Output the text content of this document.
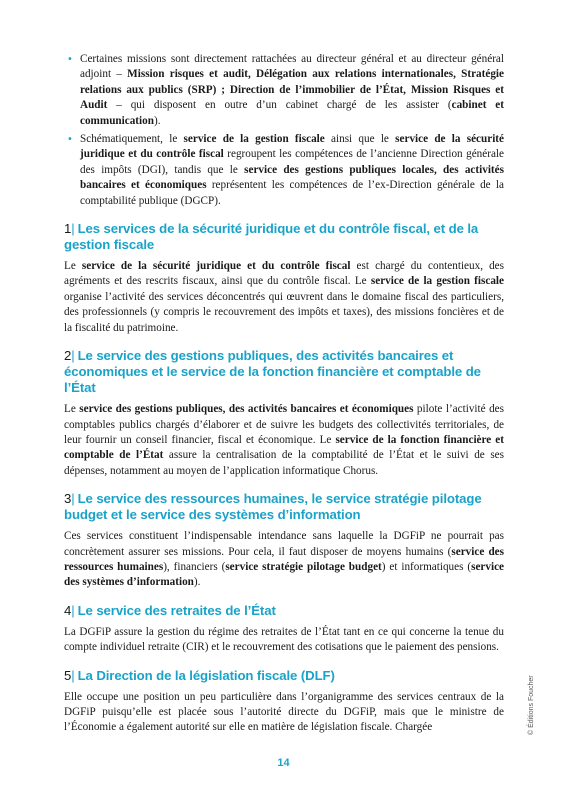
• Certaines missions sont directement rattachées au directeur général et au directeur général adjoint – Mission risques et audit, Délégation aux relations internationales, Stratégie relations aux publics (SRP) ; Direction de l’immobilier de l’État, Mission Risques et Audit – qui disposent en outre d’un cabinet chargé de les assister (cabinet et communication).
• Schématiquement, le service de la gestion fiscale ainsi que le service de la sécurité juridique et du contrôle fiscal regroupent les compétences de l’ancienne Direction générale des impôts (DGI), tandis que le service des gestions publiques locales, des activités bancaires et économiques représentent les compétences de l’ex-Direction générale de la comptabilité publique (DGCP).
1| Les services de la sécurité juridique et du contrôle fiscal, et de la gestion fiscale

Le service de la sécurité juridique et du contrôle fiscal est chargé du contentieux, des agréments et des rescrits fiscaux, ainsi que du contrôle fiscal. Le service de la gestion fiscale organise l’activité des services déconcentrés qui œuvrent dans le domaine fiscal des particuliers, des professionnels (y compris le recouvrement des impôts et taxes), des missions foncières et de la fiscalité du patrimoine.

2| Le service des gestions publiques, des activités bancaires et économiques et le service de la fonction financière et comptable de l’État

Le service des gestions publiques, des activités bancaires et économiques pilote l’activité des comptables publics chargés d’élaborer et de suivre les budgets des collectivités territoriales, de leur fournir un conseil financier, fiscal et économique. Le service de la fonction financière et comptable de l’État assure la centralisation de la comptabilité de l’État et le suivi de ses dépenses, notamment au moyen de l’application informatique Chorus.

3| Le service des ressources humaines, le service stratégie pilotage budget et le service des systèmes d’information

Ces services constituent l’indispensable intendance sans laquelle la DGFiP ne pourrait pas concrètement assurer ses missions. Pour cela, il faut disposer de moyens humains (service des ressources humaines), financiers (service stratégie pilotage budget) et informatiques (service des systèmes d’information).

4| Le service des retraites de l’État

La DGFiP assure la gestion du régime des retraites de l’État tant en ce qui concerne la tenue du compte individuel retraite (CIR) et le recouvrement des cotisations que le paiement des pensions.

5| La Direction de la législation fiscale (DLF)

Elle occupe une position un peu particulière dans l’organigramme des services centraux de la DGFiP puisqu’elle est placée sous l’autorité directe du DGFiP, mais que le ministre de l’Économie a également autorité sur elle en matière de législation fiscale. Chargée

14
© Éditions Foucher
